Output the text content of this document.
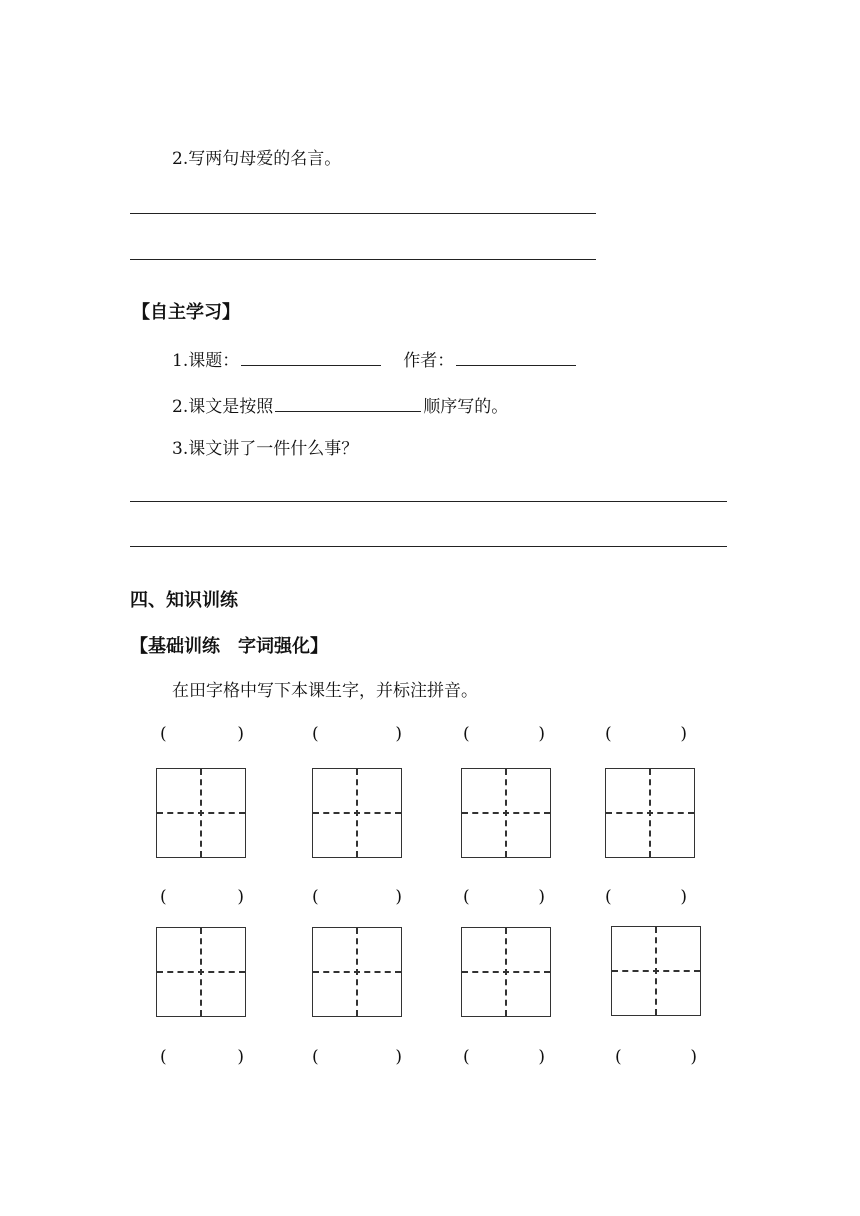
2.写两句母爱的名言。
【自主学习】
1.课题：	作者：
2.课文是按照	顺序写的。
3.课文讲了一件什么事？
四、知识训练
【基础训练　字词强化】
在田字格中写下本课生字，并标注拼音。
(	)	(	)	(	)	(	)
(	)	(	)	(	)	(	)
(	)	(	)	(	)	(	)
